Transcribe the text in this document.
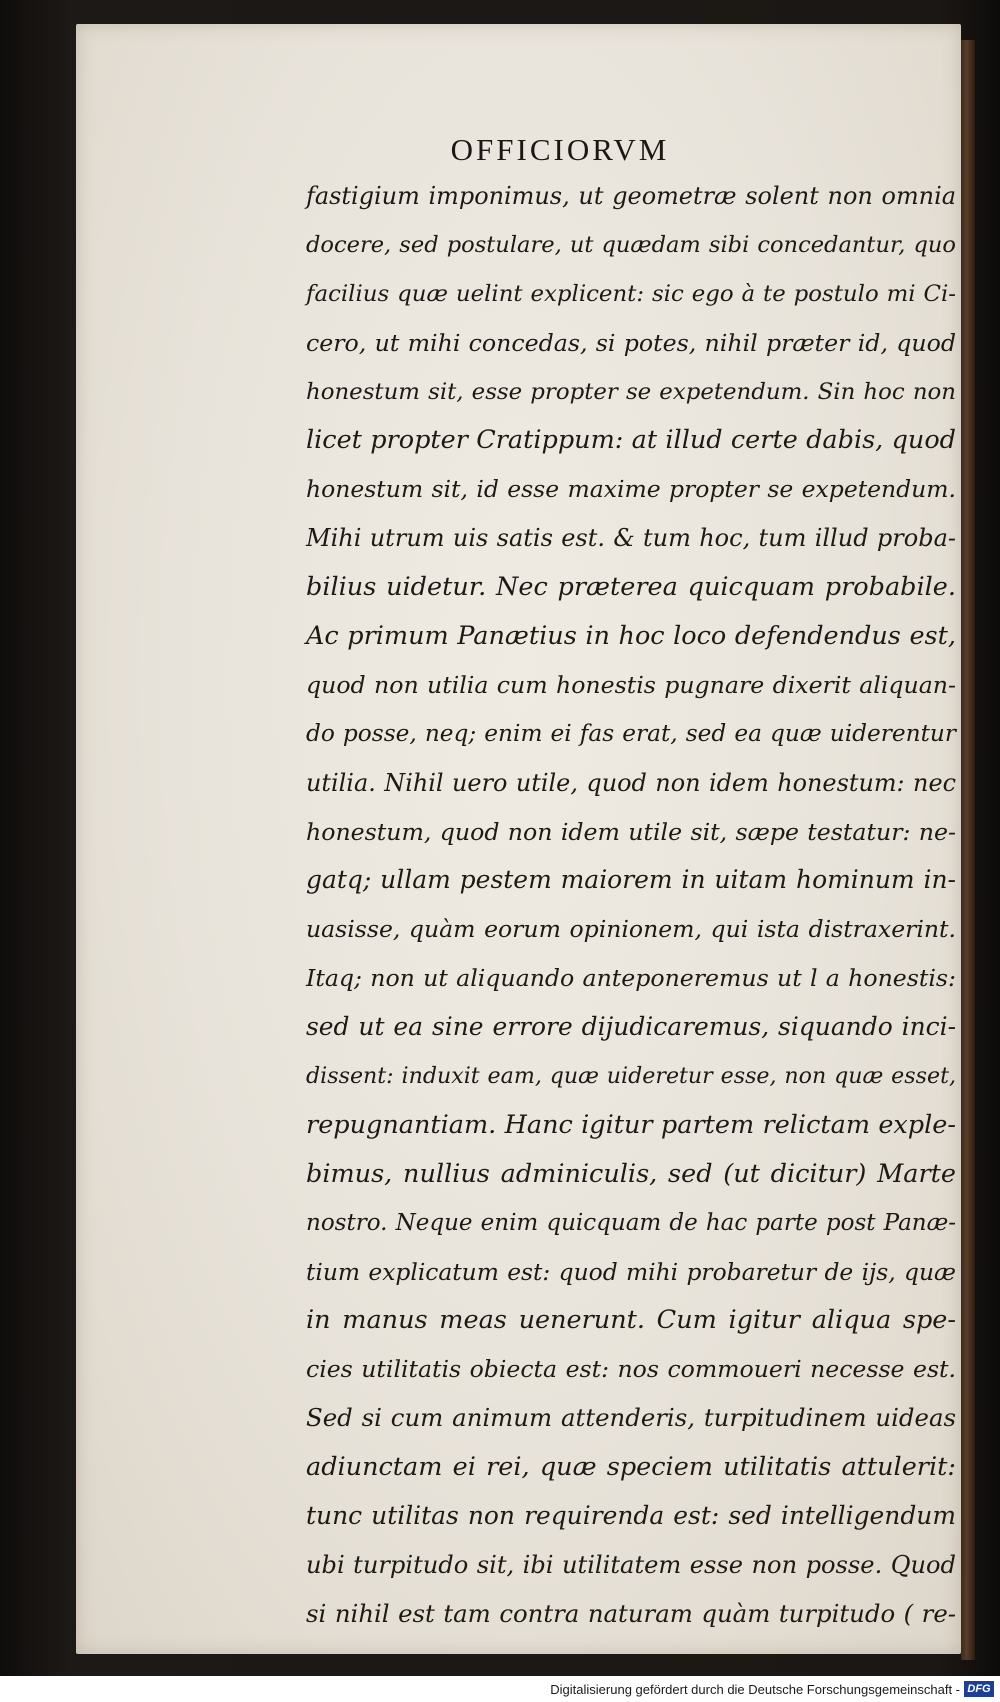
OFFICIORVM
fastigium imponimus, ut geometræ solent non omnia
docere, sed postulare, ut quædam sibi concedantur, quo
facilius quæ uelint explicent: sic ego à te postulo mi Ci-
cero, ut mihi concedas, si potes, nihil præter id, quod
honestum sit, esse propter se expetendum. Sin hoc non
licet propter Cratippum: at illud certe dabis, quod
honestum sit, id esse maxime propter se expetendum.
Mihi utrum uis satis est. & tum hoc, tum illud proba-
bilius uidetur. Nec præterea quicquam probabile.
Ac primum Panætius in hoc loco defendendus est,
quod non utilia cum honestis pugnare dixerit aliquan-
do posse, neq; enim ei fas erat, sed ea quæ uiderentur
utilia. Nihil uero utile, quod non idem honestum: nec
honestum, quod non idem utile sit, sæpe testatur: ne-
gatq; ullam pestem maiorem in uitam hominum in-
uasisse, quàm eorum opinionem, qui ista distraxerint.
Itaq; non ut aliquando anteponeremus ut l a honestis:
sed ut ea sine errore dijudicaremus, siquando inci-
dissent: induxit eam, quæ uideretur esse, non quæ esset,
repugnantiam. Hanc igitur partem relictam exple-
bimus, nullius adminiculis, sed (ut dicitur) Marte
nostro. Neque enim quicquam de hac parte post Panæ-
tium explicatum est: quod mihi probaretur de ijs, quæ
in manus meas uenerunt. Cum igitur aliqua spe-
cies utilitatis obiecta est: nos commoueri necesse est.
Sed si cum animum attenderis, turpitudinem uideas
adiunctam ei rei, quæ speciem utilitatis attulerit:
tunc utilitas non requirenda est: sed intelligendum
ubi turpitudo sit, ibi utilitatem esse non posse. Quod
si nihil est tam contra naturam quàm turpitudo ( re-
Digitalisierung gefördert durch die Deutsche Forschungsgemeinschaft - DFG
